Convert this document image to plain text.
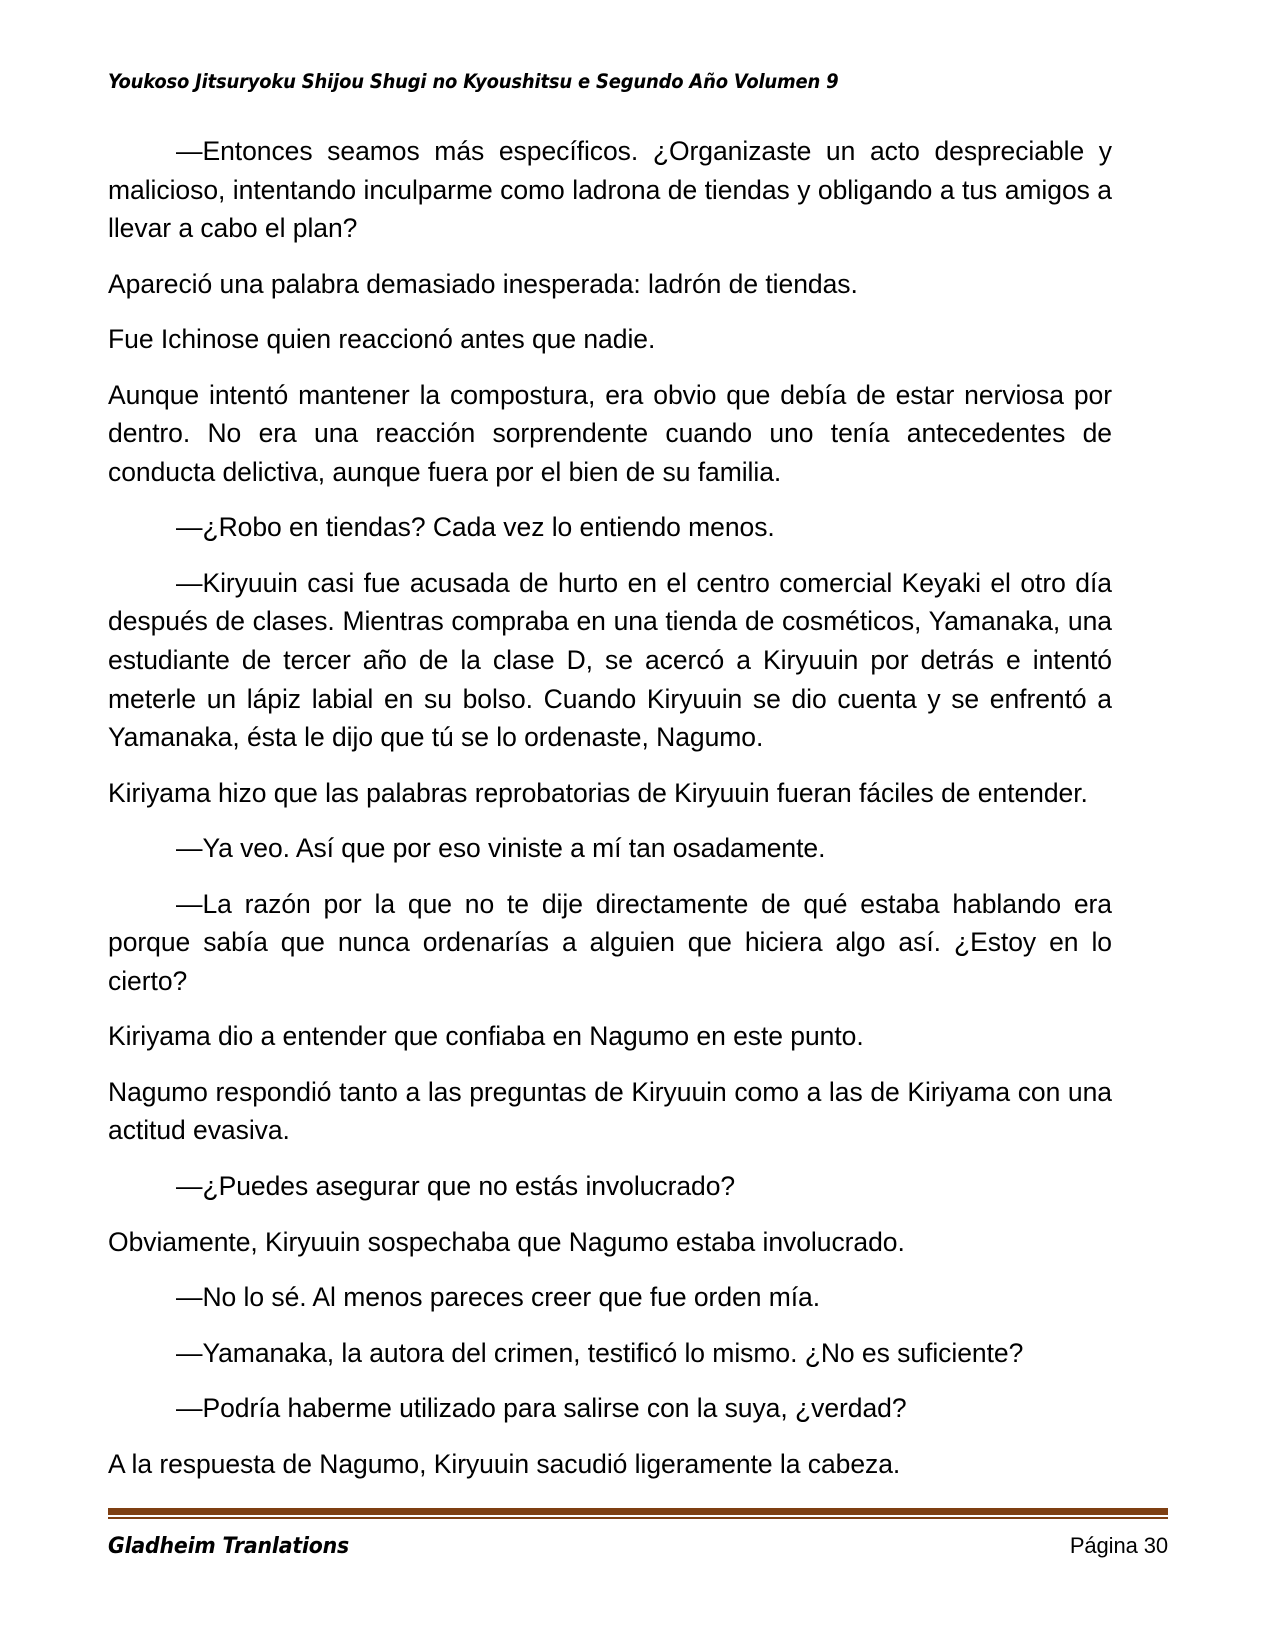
Youkoso Jitsuryoku Shijou Shugi no Kyoushitsu e Segundo Año Volumen 9

—Entonces seamos más específicos. ¿Organizaste un acto despreciable y malicioso, intentando inculparme como ladrona de tiendas y obligando a tus amigos a llevar a cabo el plan?

Apareció una palabra demasiado inesperada: ladrón de tiendas.

Fue Ichinose quien reaccionó antes que nadie.

Aunque intentó mantener la compostura, era obvio que debía de estar nerviosa por dentro. No era una reacción sorprendente cuando uno tenía antecedentes de conducta delictiva, aunque fuera por el bien de su familia.

—¿Robo en tiendas? Cada vez lo entiendo menos.

—Kiryuuin casi fue acusada de hurto en el centro comercial Keyaki el otro día después de clases. Mientras compraba en una tienda de cosméticos, Yamanaka, una estudiante de tercer año de la clase D, se acercó a Kiryuuin por detrás e intentó meterle un lápiz labial en su bolso. Cuando Kiryuuin se dio cuenta y se enfrentó a Yamanaka, ésta le dijo que tú se lo ordenaste, Nagumo.

Kiriyama hizo que las palabras reprobatorias de Kiryuuin fueran fáciles de entender.

—Ya veo. Así que por eso viniste a mí tan osadamente.

—La razón por la que no te dije directamente de qué estaba hablando era porque sabía que nunca ordenarías a alguien que hiciera algo así. ¿Estoy en lo cierto?

Kiriyama dio a entender que confiaba en Nagumo en este punto.

Nagumo respondió tanto a las preguntas de Kiryuuin como a las de Kiriyama con una actitud evasiva.

—¿Puedes asegurar que no estás involucrado?

Obviamente, Kiryuuin sospechaba que Nagumo estaba involucrado.

—No lo sé. Al menos pareces creer que fue orden mía.

—Yamanaka, la autora del crimen, testificó lo mismo. ¿No es suficiente?

—Podría haberme utilizado para salirse con la suya, ¿verdad?

A la respuesta de Nagumo, Kiryuuin sacudió ligeramente la cabeza.

Gladheim Tranlations	Página 30
